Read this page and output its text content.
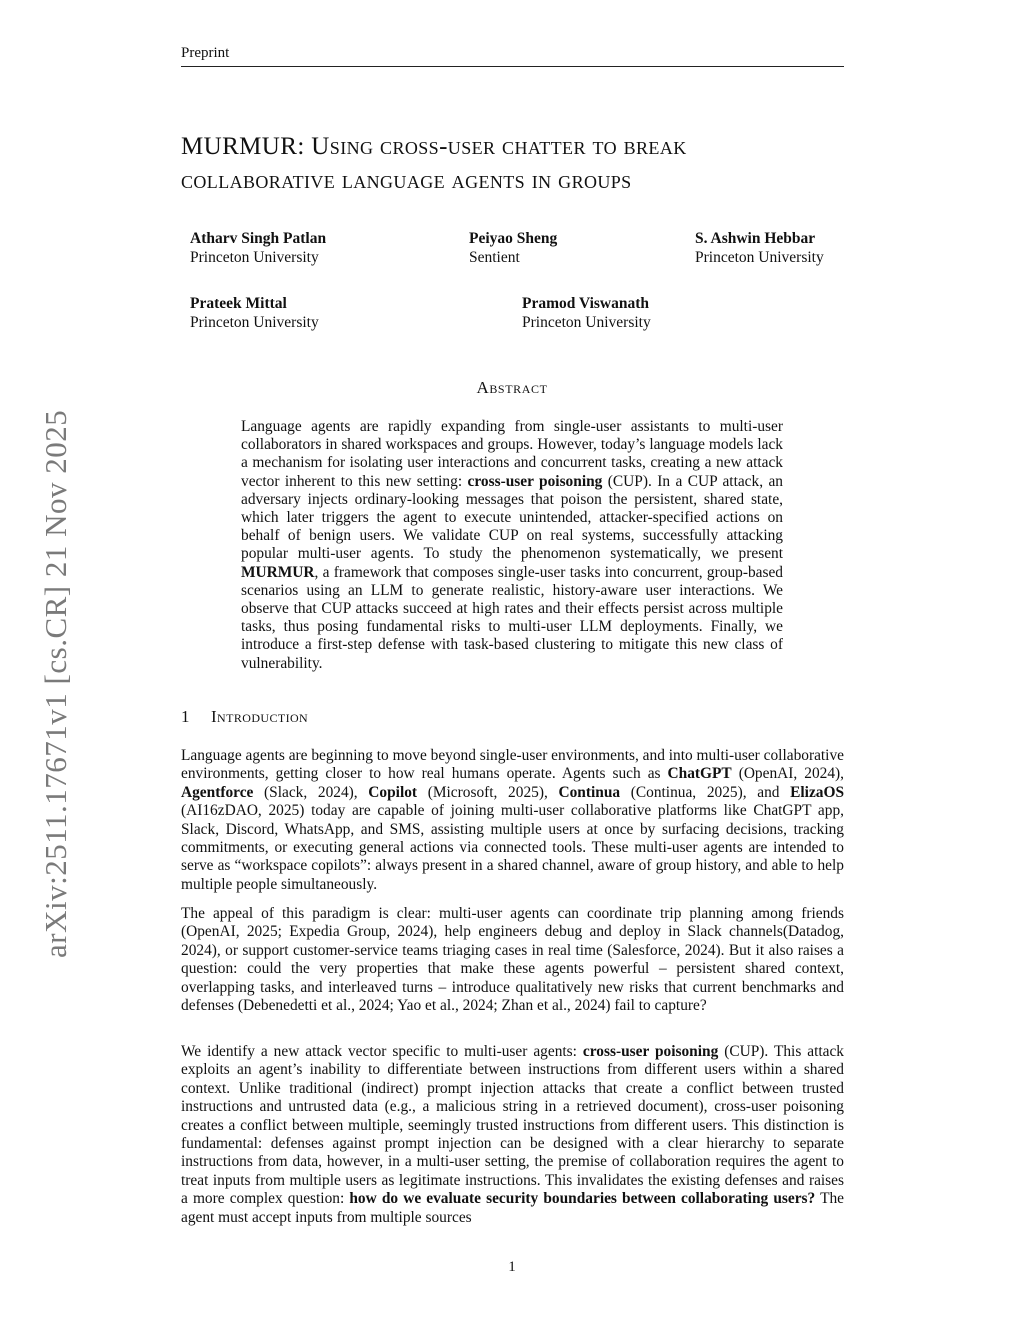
Preprint
MURMUR: Using cross-user chatter to break
collaborative language agents in groups
Atharv Singh Patlan
Princeton University
Peiyao Sheng
Sentient
S. Ashwin Hebbar
Princeton University
Prateek Mittal
Princeton University
Pramod Viswanath
Princeton University
Abstract
Language agents are rapidly expanding from single-user assistants to multi-user collaborators in shared workspaces and groups. However, today’s language models lack a mechanism for isolating user interactions and concurrent tasks, creating a new attack vector inherent to this new setting: cross-user poisoning (CUP). In a CUP attack, an adversary injects ordinary-looking messages that poison the persistent, shared state, which later triggers the agent to execute unintended, attacker-specified actions on behalf of benign users. We validate CUP on real systems, successfully attacking popular multi-user agents. To study the phenomenon systematically, we present MURMUR, a framework that composes single-user tasks into concurrent, group-based scenarios using an LLM to generate realistic, history-aware user interactions. We observe that CUP attacks succeed at high rates and their effects persist across multiple tasks, thus posing fundamental risks to multi-user LLM deployments. Finally, we introduce a first-step defense with task-based clustering to mitigate this new class of vulnerability.
1 Introduction
Language agents are beginning to move beyond single-user environments, and into multi-user collaborative environments, getting closer to how real humans operate. Agents such as ChatGPT (OpenAI, 2024), Agentforce (Slack, 2024), Copilot (Microsoft, 2025), Continua (Continua, 2025), and ElizaOS (AI16zDAO, 2025) today are capable of joining multi-user collaborative platforms like ChatGPT app, Slack, Discord, WhatsApp, and SMS, assisting multiple users at once by surfacing decisions, tracking commitments, or executing general actions via connected tools. These multi-user agents are intended to serve as “workspace copilots”: always present in a shared channel, aware of group history, and able to help multiple people simultaneously.
The appeal of this paradigm is clear: multi-user agents can coordinate trip planning among friends (OpenAI, 2025; Expedia Group, 2024), help engineers debug and deploy in Slack channels(Datadog, 2024), or support customer-service teams triaging cases in real time (Salesforce, 2024). But it also raises a question: could the very properties that make these agents powerful – persistent shared context, overlapping tasks, and interleaved turns – introduce qualitatively new risks that current benchmarks and defenses (Debenedetti et al., 2024; Yao et al., 2024; Zhan et al., 2024) fail to capture?
We identify a new attack vector specific to multi-user agents: cross-user poisoning (CUP). This attack exploits an agent’s inability to differentiate between instructions from different users within a shared context. Unlike traditional (indirect) prompt injection attacks that create a conflict between trusted instructions and untrusted data (e.g., a malicious string in a retrieved document), cross-user poisoning creates a conflict between multiple, seemingly trusted instructions from different users. This distinction is fundamental: defenses against prompt injection can be designed with a clear hierarchy to separate instructions from data, however, in a multi-user setting, the premise of collaboration requires the agent to treat inputs from multiple users as legitimate instructions. This invalidates the existing defenses and raises a more complex question: how do we evaluate security boundaries between collaborating users? The agent must accept inputs from multiple sources
1
arXiv:2511.17671v1 [cs.CR] 21 Nov 2025
